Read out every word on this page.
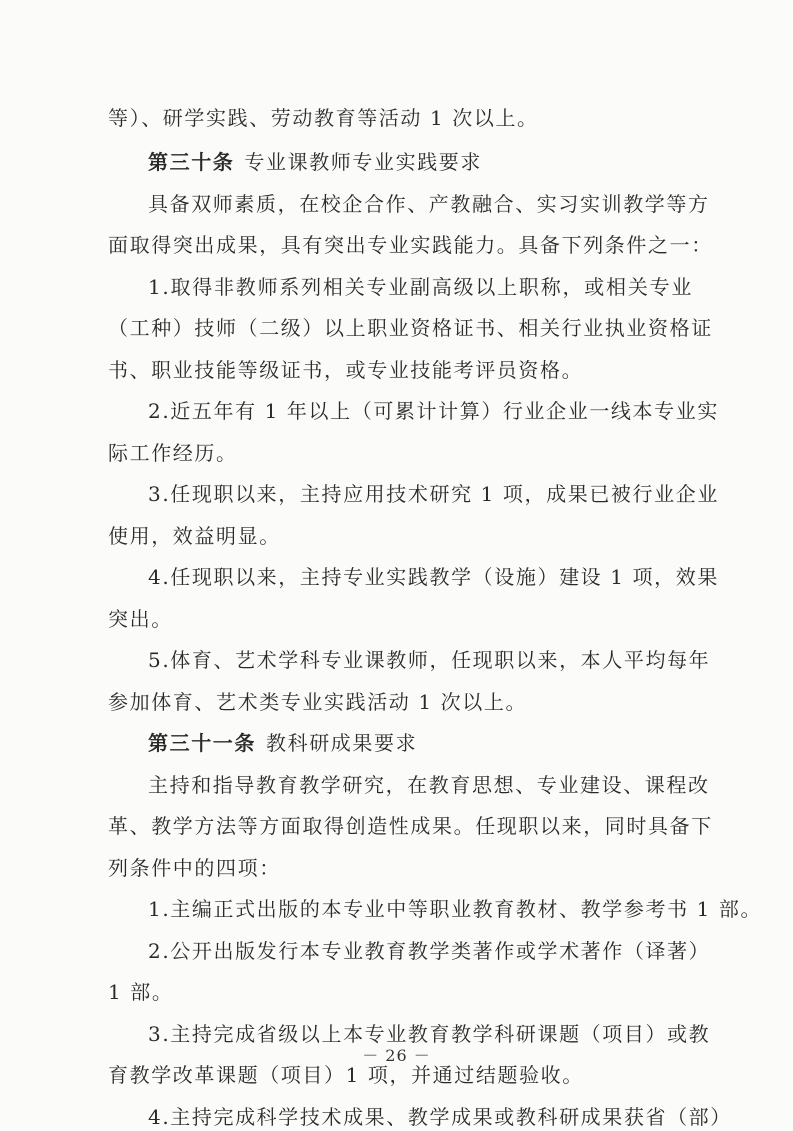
等）、研学实践、劳动教育等活动 1 次以上。
第三十条 专业课教师专业实践要求
具备双师素质，在校企合作、产教融合、实习实训教学等方
面取得突出成果，具有突出专业实践能力。具备下列条件之一：
1.取得非教师系列相关专业副高级以上职称，或相关专业
（工种）技师（二级）以上职业资格证书、相关行业执业资格证
书、职业技能等级证书，或专业技能考评员资格。
2.近五年有 1 年以上（可累计计算）行业企业一线本专业实
际工作经历。
3.任现职以来，主持应用技术研究 1 项，成果已被行业企业
使用，效益明显。
4.任现职以来，主持专业实践教学（设施）建设 1 项，效果
突出。
5.体育、艺术学科专业课教师，任现职以来，本人平均每年
参加体育、艺术类专业实践活动 1 次以上。
第三十一条 教科研成果要求
主持和指导教育教学研究，在教育思想、专业建设、课程改
革、教学方法等方面取得创造性成果。任现职以来，同时具备下
列条件中的四项：
1.主编正式出版的本专业中等职业教育教材、教学参考书 1 部。
2.公开出版发行本专业教育教学类著作或学术著作（译著）
1 部。
3.主持完成省级以上本专业教育教学科研课题（项目）或教
育教学改革课题（项目）1 项，并通过结题验收。
4.主持完成科学技术成果、教学成果或教科研成果获省（部）
－ 26 －
